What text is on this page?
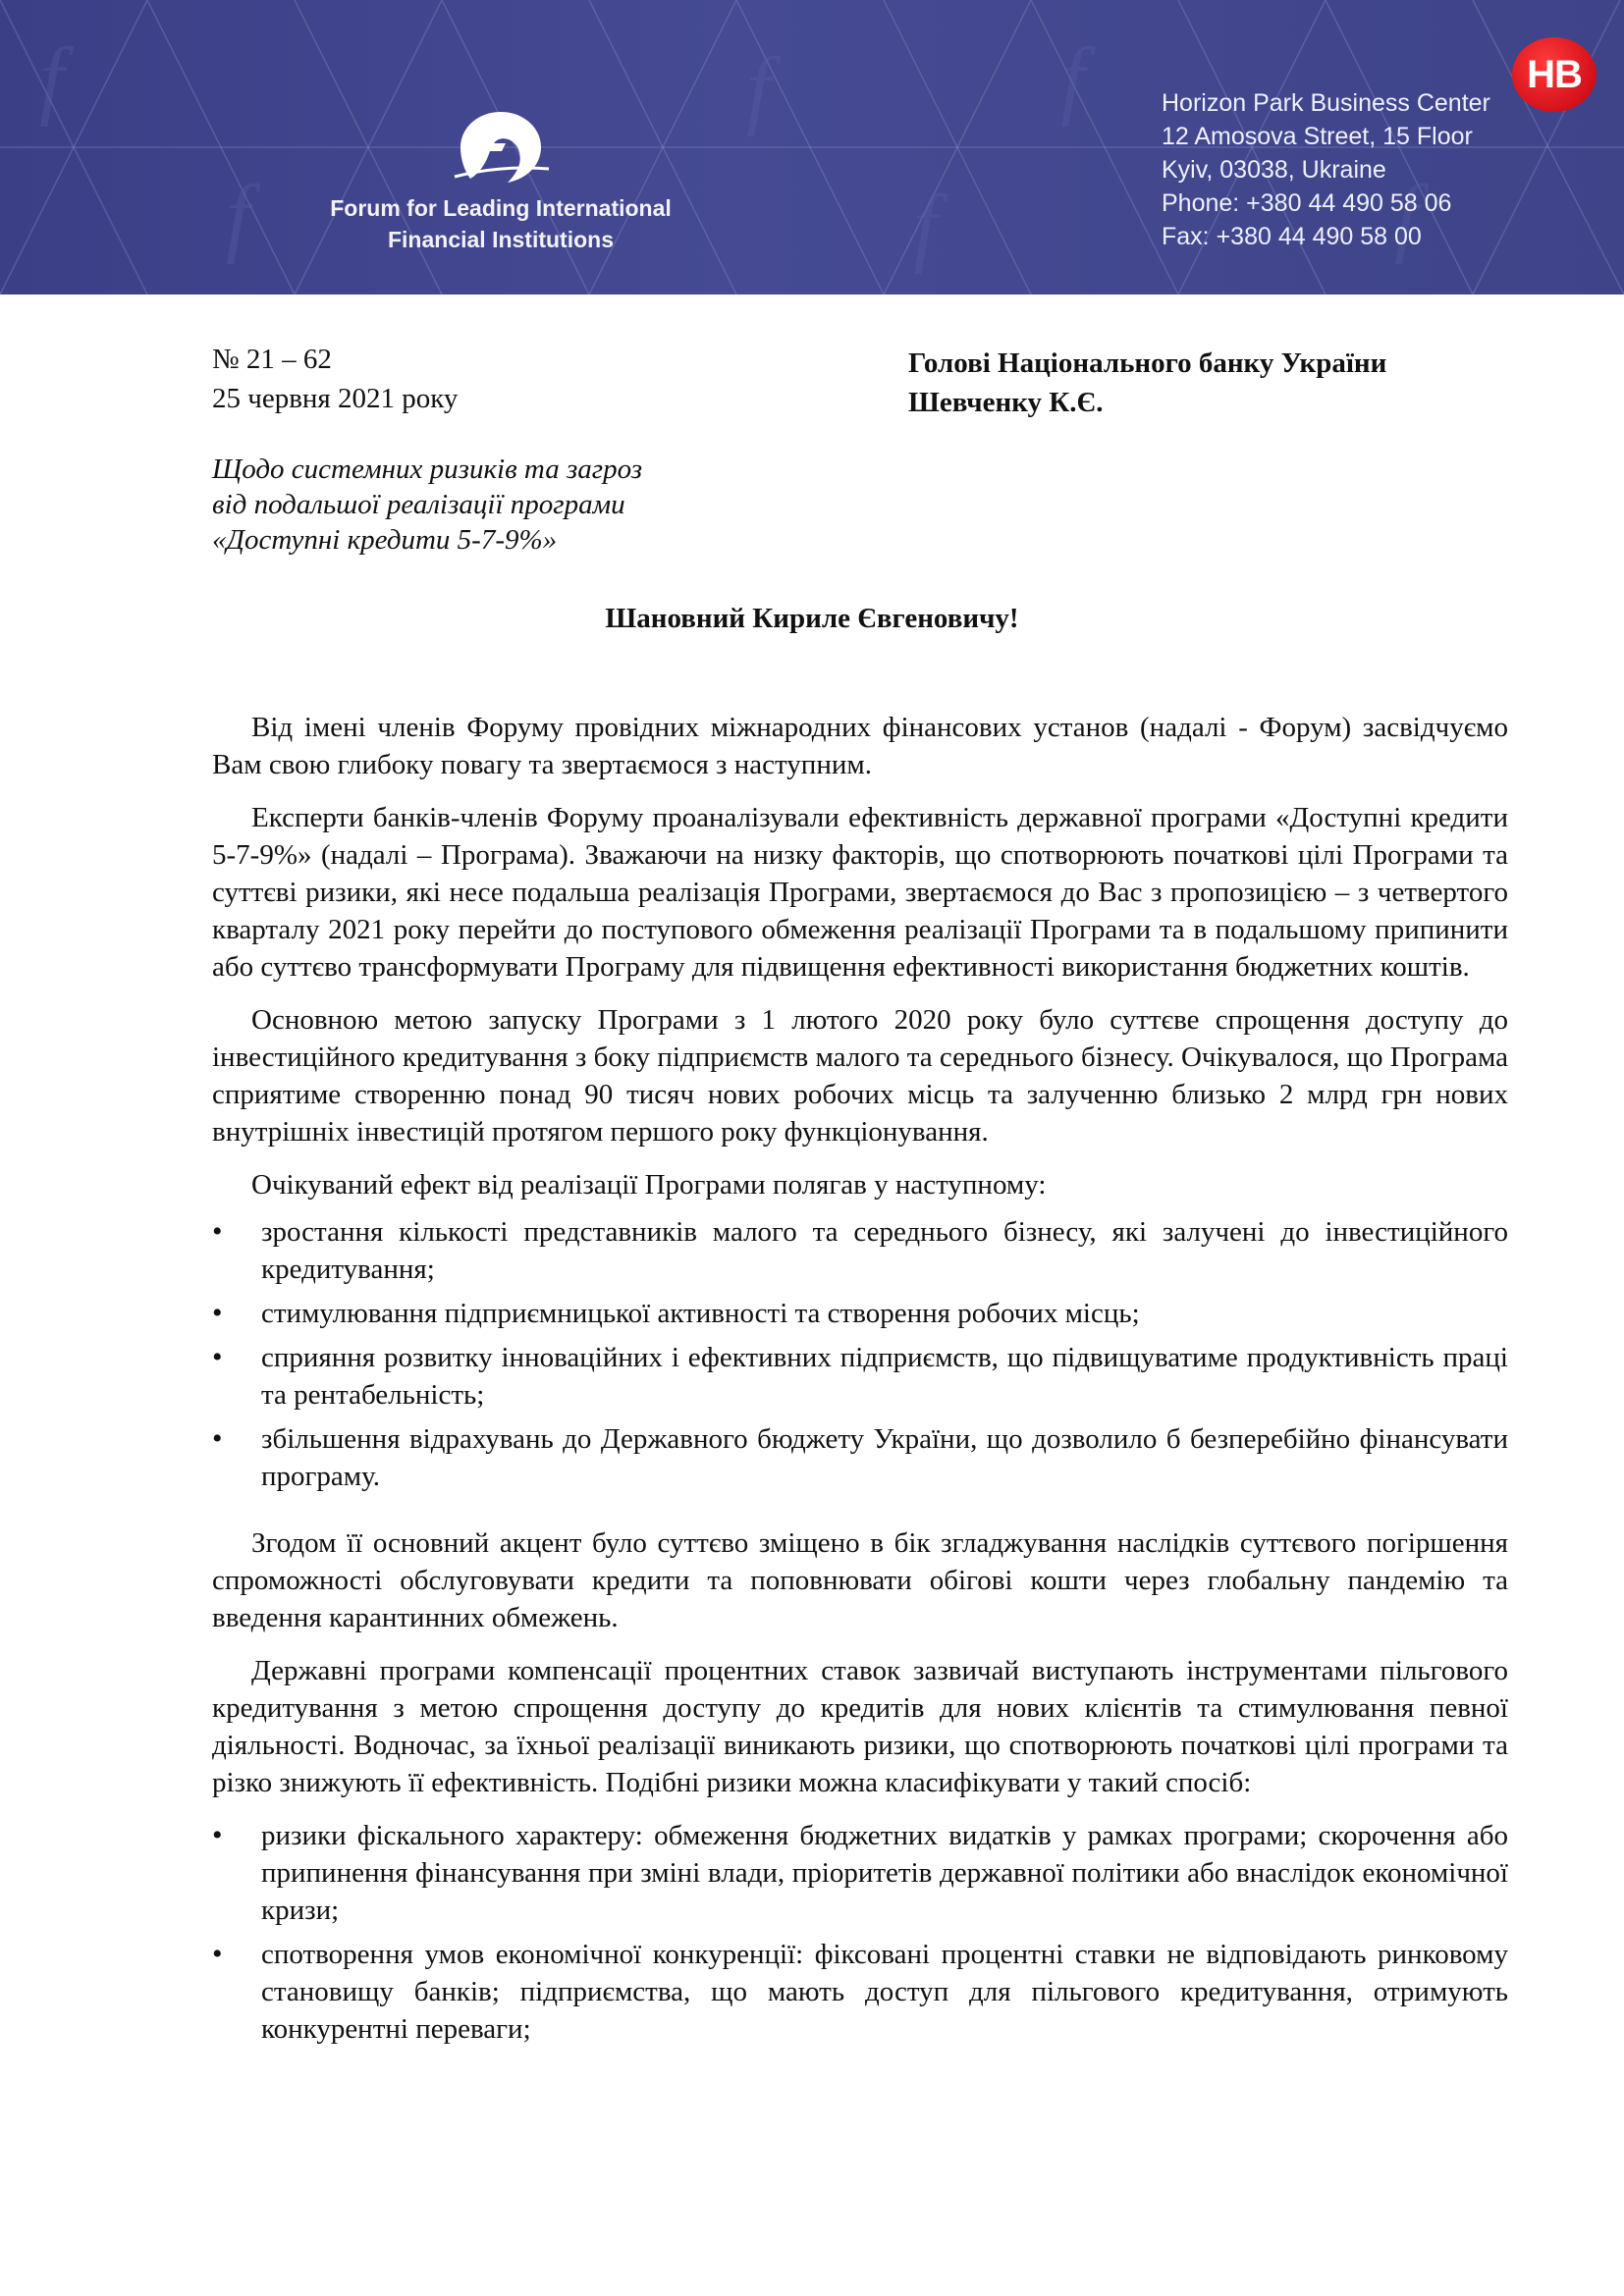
f
f
f
f
f
f
Forum for Leading International
Financial Institutions
Horizon Park Business Center
12 Amosova Street, 15 Floor
Kyiv, 03038, Ukraine
Phone: +380 44 490 58 06
Fax: +380 44 490 58 00
НВ
№ 21 – 62
25 червня 2021 року
Голові Національного банку України
Шевченку К.Є.
Щодо системних ризиків та загроз
від подальшої реалізації програми
«Доступні кредити 5-7-9%»
Шановний Кириле Євгеновичу!

Від імені членів Форуму провідних міжнародних фінансових установ (надалі - Форум) засвідчуємо Вам свою глибоку повагу та звертаємося з наступним.

Експерти банків-членів Форуму проаналізували ефективність державної програми «Доступні кредити 5-7-9%» (надалі – Програма). Зважаючи на низку факторів, що спотворюють початкові цілі Програми та суттєві ризики, які несе подальша реалізація Програми, звертаємося до Вас з пропозицією – з четвертого кварталу 2021 року перейти до поступового обмеження реалізації Програми та в подальшому припинити або суттєво трансформувати Програму для підвищення ефективності використання бюджетних коштів.

Основною метою запуску Програми з 1 лютого 2020 року було суттєве спрощення доступу до інвестиційного кредитування з боку підприємств малого та середнього бізнесу. Очікувалося, що Програма сприятиме створенню понад 90 тисяч нових робочих місць та залученню близько 2 млрд грн нових внутрішніх інвестицій протягом першого року функціонування.

Очікуваний ефект від реалізації Програми полягав у наступному:

• зростання кількості представників малого та середнього бізнесу, які залучені до інвестиційного кредитування;
• стимулювання підприємницької активності та створення робочих місць;
• сприяння розвитку інноваційних і ефективних підприємств, що підвищуватиме продуктивність праці та рентабельність;
• збільшення відрахувань до Державного бюджету України, що дозволило б безперебійно фінансувати програму.

Згодом її основний акцент було суттєво зміщено в бік згладжування наслідків суттєвого погіршення спроможності обслуговувати кредити та поповнювати обігові кошти через глобальну пандемію та введення карантинних обмежень.

Державні програми компенсації процентних ставок зазвичай виступають інструментами пільгового кредитування з метою спрощення доступу до кредитів для нових клієнтів та стимулювання певної діяльності. Водночас, за їхньої реалізації виникають ризики, що спотворюють початкові цілі програми та різко знижують її ефективність. Подібні ризики можна класифікувати у такий спосіб:

• ризики фіскального характеру: обмеження бюджетних видатків у рамках програми; скорочення або припинення фінансування при зміні влади, пріоритетів державної політики або внаслідок економічної кризи;
• спотворення умов економічної конкуренції: фіксовані процентні ставки не відповідають ринковому становищу банків; підприємства, що мають доступ для пільгового кредитування, отримують конкурентні переваги;
